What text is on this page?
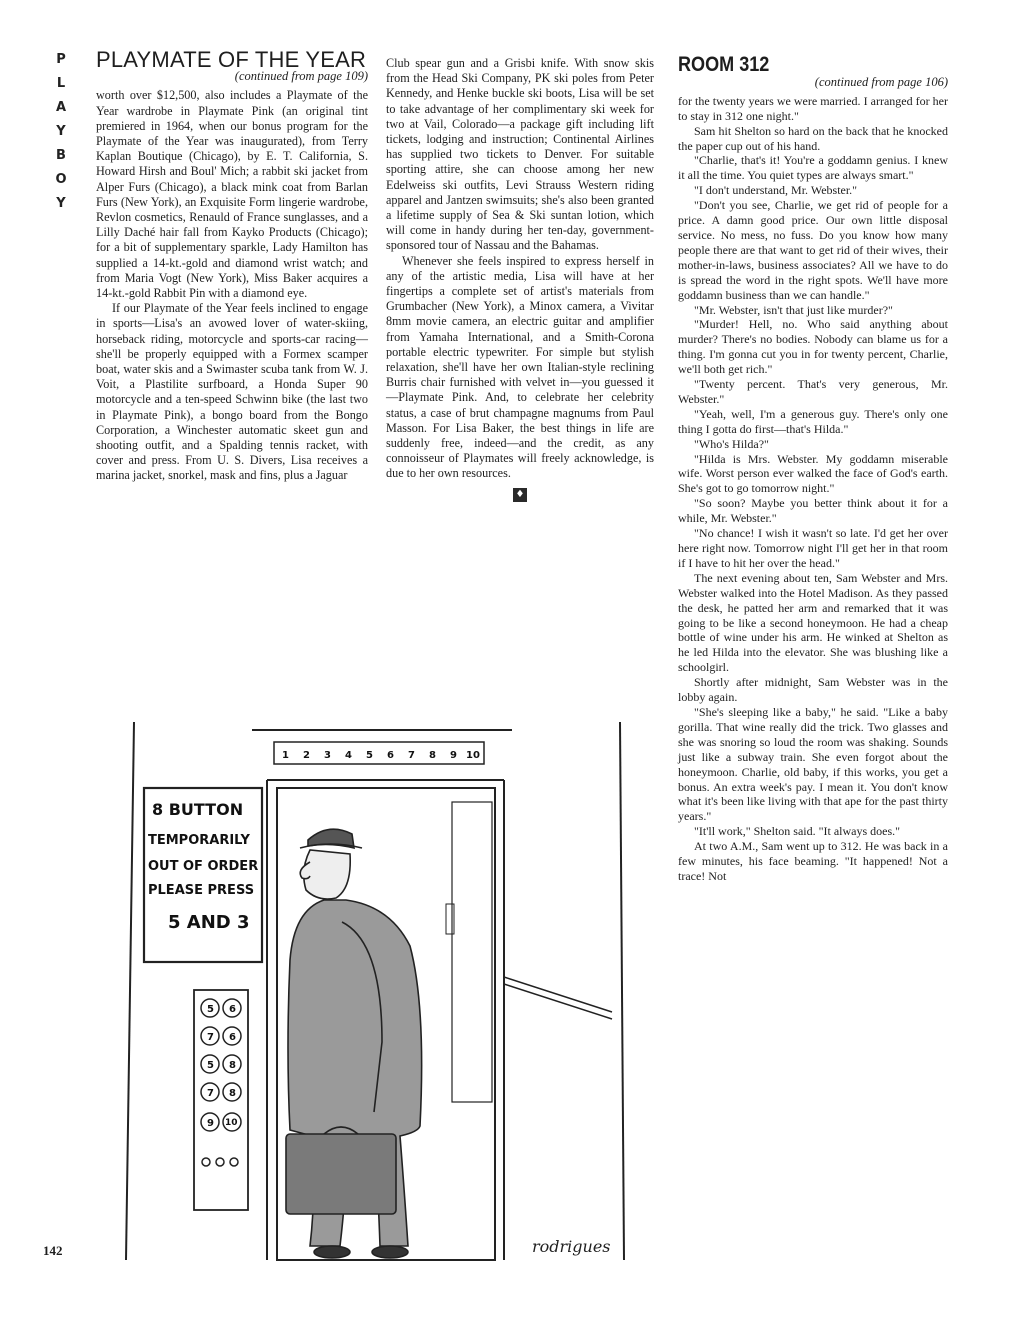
PLAYBOY
PLAYMATE OF THE YEAR
(continued from page 109)

worth over $12,500, also includes a Playmate of the Year wardrobe in Playmate Pink (an original tint premiered in 1964, when our bonus program for the Playmate of the Year was inaugurated), from Terry Kaplan Boutique (Chicago), by E. T. California, S. Howard Hirsh and Boul' Mich; a rabbit ski jacket from Alper Furs (Chicago), a black mink coat from Barlan Furs (New York), an Exquisite Form lingerie wardrobe, Revlon cosmetics, Renauld of France sunglasses, and a Lilly Daché hair fall from Kayko Products (Chicago); for a bit of supplementary sparkle, Lady Hamilton has supplied a 14-kt.-gold and diamond wrist watch; and from Maria Vogt (New York), Miss Baker acquires a 14-kt.-gold Rabbit Pin with a diamond eye.

If our Playmate of the Year feels inclined to engage in sports—Lisa's an avowed lover of water-skiing, horseback riding, motorcycle and sports-car racing—she'll be properly equipped with a Formex scamper boat, water skis and a Swimaster scuba tank from W. J. Voit, a Plastilite surfboard, a Honda Super 90 motorcycle and a ten-speed Schwinn bike (the last two in Playmate Pink), a bongo board from the Bongo Corporation, a Winchester automatic skeet gun and shooting outfit, and a Spalding tennis racket, with cover and press. From U. S. Divers, Lisa receives a marina jacket, snorkel, mask and fins, plus a Jaguar

Club spear gun and a Grisbi knife. With snow skis from the Head Ski Company, PK ski poles from Peter Kennedy, and Henke buckle ski boots, Lisa will be set to take advantage of her complimentary ski week for two at Vail, Colorado—a package gift including lift tickets, lodging and instruction; Continental Airlines has supplied two tickets to Denver. For suitable sporting attire, she can choose among her new Edelweiss ski outfits, Levi Strauss Western riding apparel and Jantzen swimsuits; she's also been granted a lifetime supply of Sea & Ski suntan lotion, which will come in handy during her ten-day, government-sponsored tour of Nassau and the Bahamas.

Whenever she feels inspired to express herself in any of the artistic media, Lisa will have at her fingertips a complete set of artist's materials from Grumbacher (New York), a Minox camera, a Vivitar 8mm movie camera, an electric guitar and amplifier from Yamaha International, and a Smith-Corona portable electric typewriter. For simple but stylish relaxation, she'll have her own Italian-style reclining Burris chair furnished with velvet in—you guessed it—Playmate Pink. And, to celebrate her celebrity status, a case of brut champagne magnums from Paul Masson. For Lisa Baker, the best things in life are suddenly free, indeed—and the credit, as any connoisseur of Playmates will freely acknowledge, is due to her own resources.

♦
ROOM 312
(continued from page 106)

for the twenty years we were married. I arranged for her to stay in 312 one night."

Sam hit Shelton so hard on the back that he knocked the paper cup out of his hand.

"Charlie, that's it! You're a goddamn genius. I knew it all the time. You quiet types are always smart."

"I don't understand, Mr. Webster."

"Don't you see, Charlie, we get rid of people for a price. A damn good price. Our own little disposal service. No mess, no fuss. Do you know how many people there are that want to get rid of their wives, their mother-in-laws, business associates? All we have to do is spread the word in the right spots. We'll have more goddamn business than we can handle."

"Mr. Webster, isn't that just like murder?"

"Murder! Hell, no. Who said anything about murder? There's no bodies. Nobody can blame us for a thing. I'm gonna cut you in for twenty percent, Charlie, we'll both get rich."

"Twenty percent. That's very generous, Mr. Webster."

"Yeah, well, I'm a generous guy. There's only one thing I gotta do first—that's Hilda."

"Who's Hilda?"

"Hilda is Mrs. Webster. My goddamn miserable wife. Worst person ever walked the face of God's earth. She's got to go tomorrow night."

"So soon? Maybe you better think about it for a while, Mr. Webster."

"No chance! I wish it wasn't so late. I'd get her over here right now. Tomorrow night I'll get her in that room if I have to hit her over the head."

The next evening about ten, Sam Webster and Mrs. Webster walked into the Hotel Madison. As they passed the desk, he patted her arm and remarked that it was going to be like a second honeymoon. He had a cheap bottle of wine under his arm. He winked at Shelton as he led Hilda into the elevator. She was blushing like a schoolgirl.

Shortly after midnight, Sam Webster was in the lobby again.

"She's sleeping like a baby," he said. "Like a baby gorilla. That wine really did the trick. Two glasses and she was snoring so loud the room was shaking. Sounds just like a subway train. She even forgot about the honeymoon. Charlie, old baby, if this works, you get a bonus. An extra week's pay. I mean it. You don't know what it's been like living with that ape for the past thirty years."

"It'll work," Shelton said. "It always does."

At two A.M., Sam went up to 312. He was back in a few minutes, his face beaming. "It happened! Not a trace! Not

1 2 3 4 5 6 7 8 9 10
8 BUTTON
TEMPORARILY
OUT OF ORDER
PLEASE PRESS
5 AND 3
5 6
7 6
5 8
7 8
9 10
rodrigues
142
